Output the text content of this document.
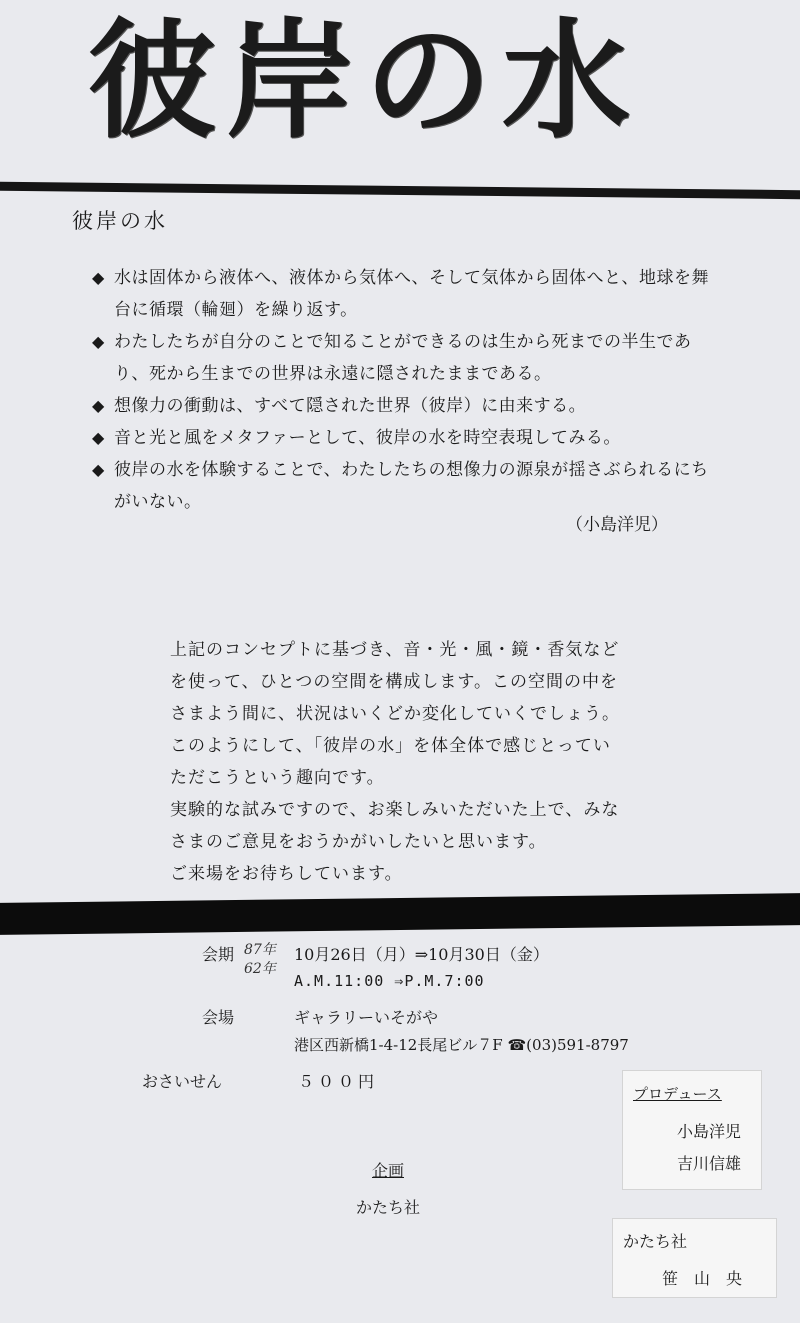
彼岸の水
彼岸の水
◆ 水は固体から液体へ、液体から気体へ、そして気体から固体へと、地球を舞台に循環（輪廻）を繰り返す。
◆ わたしたちが自分のことで知ることができるのは生から死までの半生であり、死から生までの世界は永遠に隠されたままである。
◆ 想像力の衝動は、すべて隠された世界（彼岸）に由来する。
◆ 音と光と風をメタファーとして、彼岸の水を時空表現してみる。
◆ 彼岸の水を体験することで、わたしたちの想像力の源泉が揺さぶられるにちがいない。
（小島洋児）
上記のコンセプトに基づき、音・光・風・鏡・香気など
を使って、ひとつの空間を構成します。この空間の中を
さまよう間に、状況はいくどか変化していくでしょう。
このようにして、「彼岸の水」を体全体で感じとってい
ただこうという趣向です。
実験的な試みですので、お楽しみいただいた上で、みな
さまのご意見をおうかがいしたいと思います。
ご来場をお待ちしています。
会期 87年
62年
10月26日（月）⇒10月30日（金）
A.M.11:00 ⇒P.M.7:00
会場	ギャラリーいそがや
港区西新橋1-4-12長尾ビル７F ☎(03)591-8797
おさいせん	５００円
企画
かたち社
プロデュース
小島洋児
吉川信雄
かたち社
笹山央
